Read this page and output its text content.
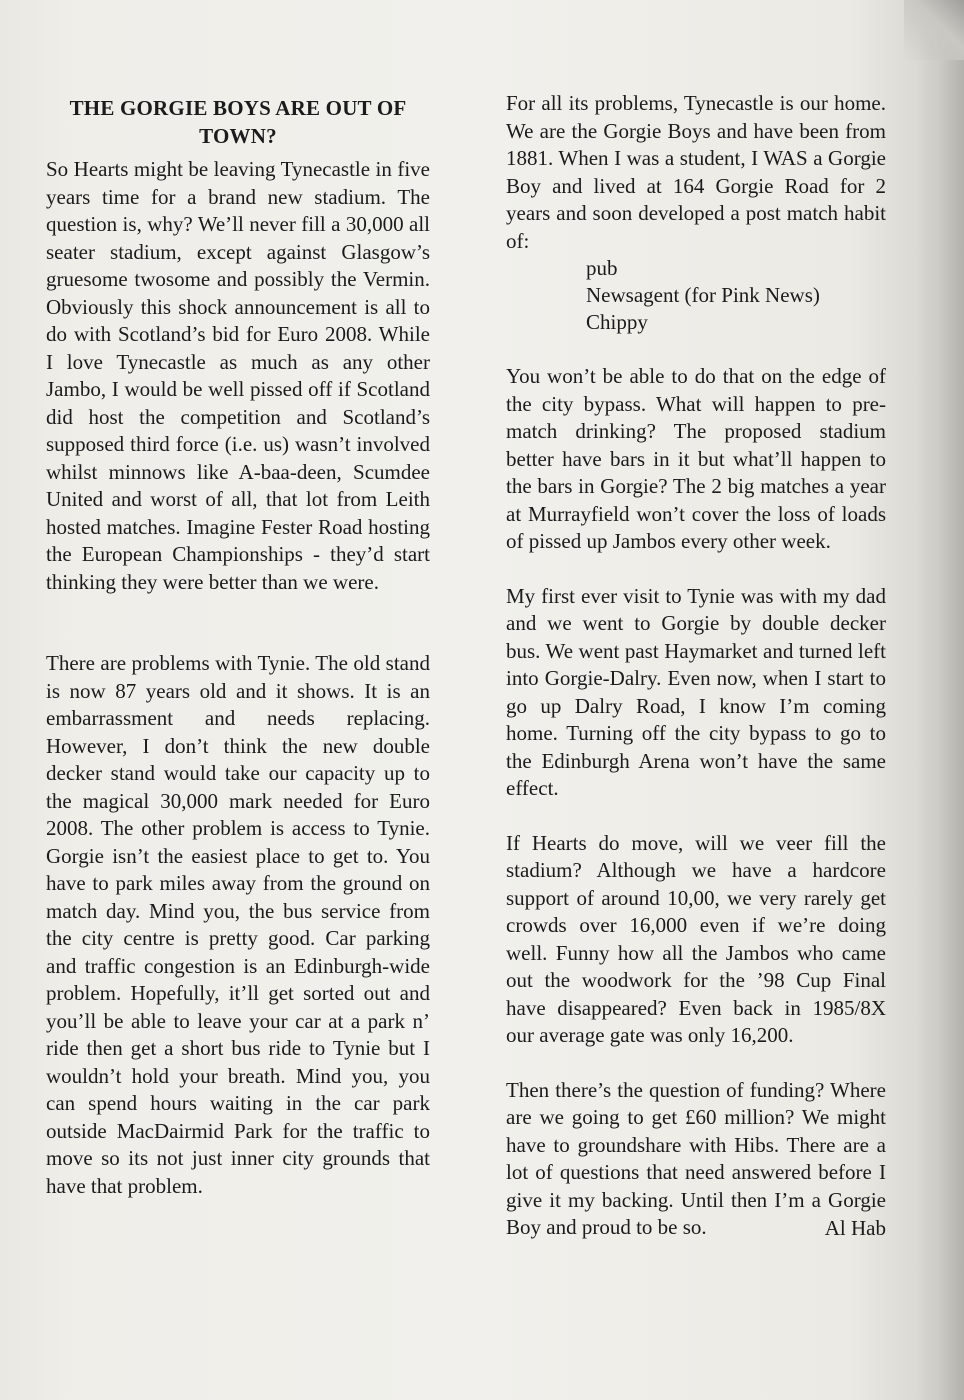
THE GORGIE BOYS ARE OUT OF TOWN?

So Hearts might be leaving Tynecastle in five years time for a brand new stadium. The question is, why? We’ll never fill a 30,000 all seater stadium, except against Glasgow’s gruesome twosome and possibly the Vermin. Obviously this shock announcement is all to do with Scotland’s bid for Euro 2008. While I love Tynecastle as much as any other Jambo, I would be well pissed off if Scotland did host the competition and Scotland’s supposed third force (i.e. us) wasn’t involved whilst minnows like A-baa-deen, Scumdee United and worst of all, that lot from Leith hosted matches. Imagine Fester Road hosting the European Championships - they’d start thinking they were better than we were.

There are problems with Tynie. The old stand is now 87 years old and it shows. It is an embarrassment and needs replacing. However, I don’t think the new double decker stand would take our capacity up to the magical 30,000 mark needed for Euro 2008. The other problem is access to Tynie. Gorgie isn’t the easiest place to get to. You have to park miles away from the ground on match day. Mind you, the bus service from the city centre is pretty good. Car parking and traffic congestion is an Edinburgh-wide problem. Hopefully, it’ll get sorted out and you’ll be able to leave your car at a park n’ ride then get a short bus ride to Tynie but I wouldn’t hold your breath. Mind you, you can spend hours waiting in the car park outside MacDairmid Park for the traffic to move so its not just inner city grounds that have that problem.

For all its problems, Tynecastle is our home. We are the Gorgie Boys and have been from 1881. When I was a student, I WAS a Gorgie Boy and lived at 164 Gorgie Road for 2 years and soon developed a post match habit of:

pub
Newsagent (for Pink News)
Chippy

You won’t be able to do that on the edge of the city bypass. What will happen to pre-match drinking? The proposed stadium better have bars in it but what’ll happen to the bars in Gorgie? The 2 big matches a year at Murrayfield won’t cover the loss of loads of pissed up Jambos every other week.

My first ever visit to Tynie was with my dad and we went to Gorgie by double decker bus. We went past Haymarket and turned left into Gorgie-Dalry. Even now, when I start to go up Dalry Road, I know I’m coming home. Turning off the city bypass to go to the Edinburgh Arena won’t have the same effect.

If Hearts do move, will we veer fill the stadium? Although we have a hardcore support of around 10,00, we very rarely get crowds over 16,000 even if we’re doing well. Funny how all the Jambos who came out the woodwork for the ’98 Cup Final have disappeared? Even back in 1985/8X our average gate was only 16,200.

Then there’s the question of funding? Where are we going to get £60 million? We might have to groundshare with Hibs. There are a lot of questions that need answered before I give it my backing. Until then I’m a Gorgie Boy and proud to be so.	Al Hab
